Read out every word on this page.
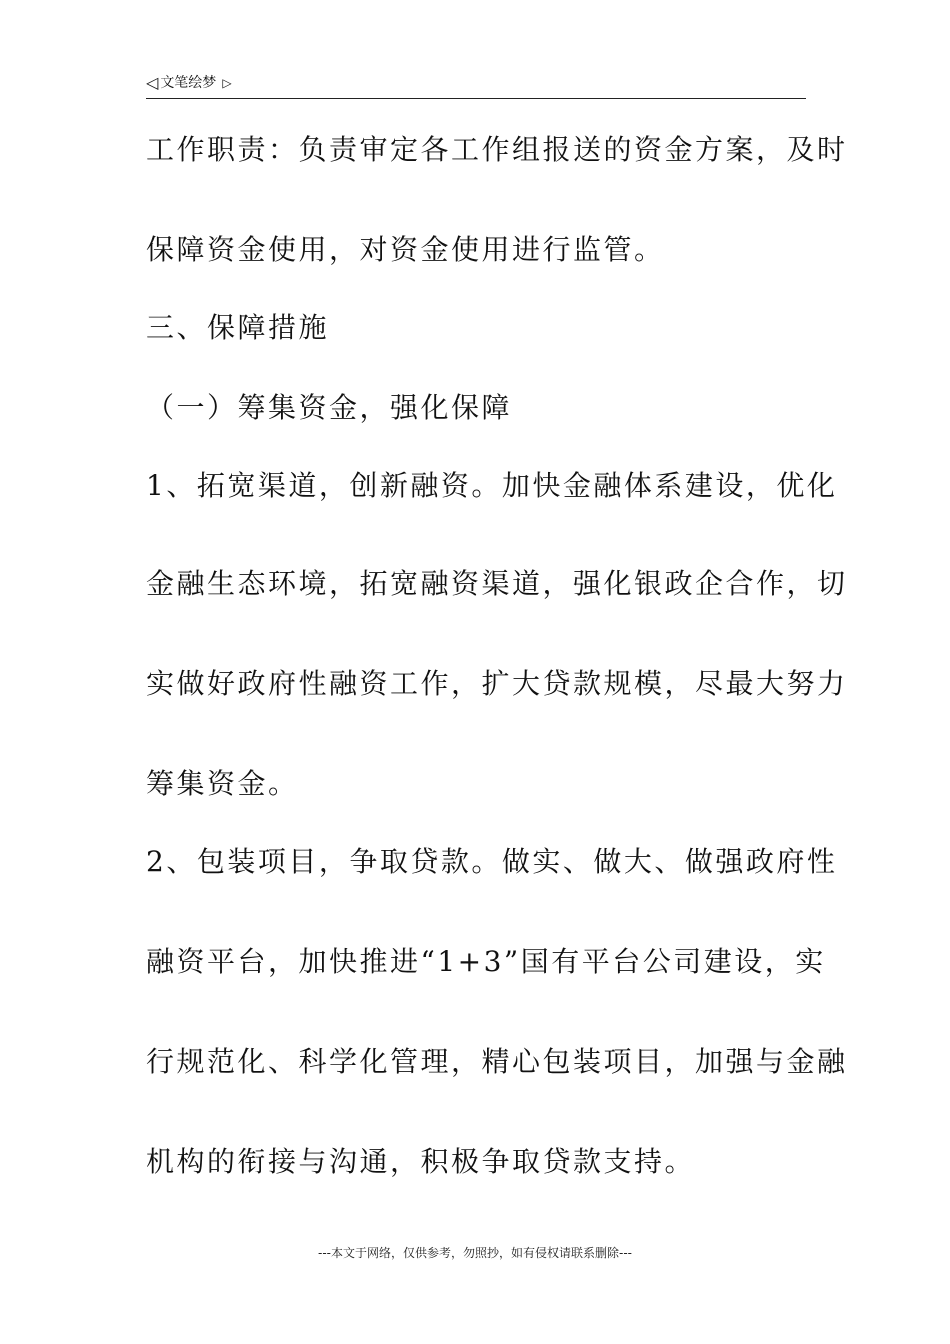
◁ 文笔绘梦 ▷
工作职责：负责审定各工作组报送的资金方案，及时
保障资金使用，对资金使用进行监管。
三、保障措施
（一）筹集资金，强化保障
1、拓宽渠道，创新融资。加快金融体系建设，优化
金融生态环境，拓宽融资渠道，强化银政企合作，切
实做好政府性融资工作，扩大贷款规模，尽最大努力
筹集资金。
2、包装项目，争取贷款。做实、做大、做强政府性
融资平台，加快推进“1+3”国有平台公司建设，实
行规范化、科学化管理，精心包装项目，加强与金融
机构的衔接与沟通，积极争取贷款支持。
---本文于网络，仅供参考，勿照抄，如有侵权请联系删除---
